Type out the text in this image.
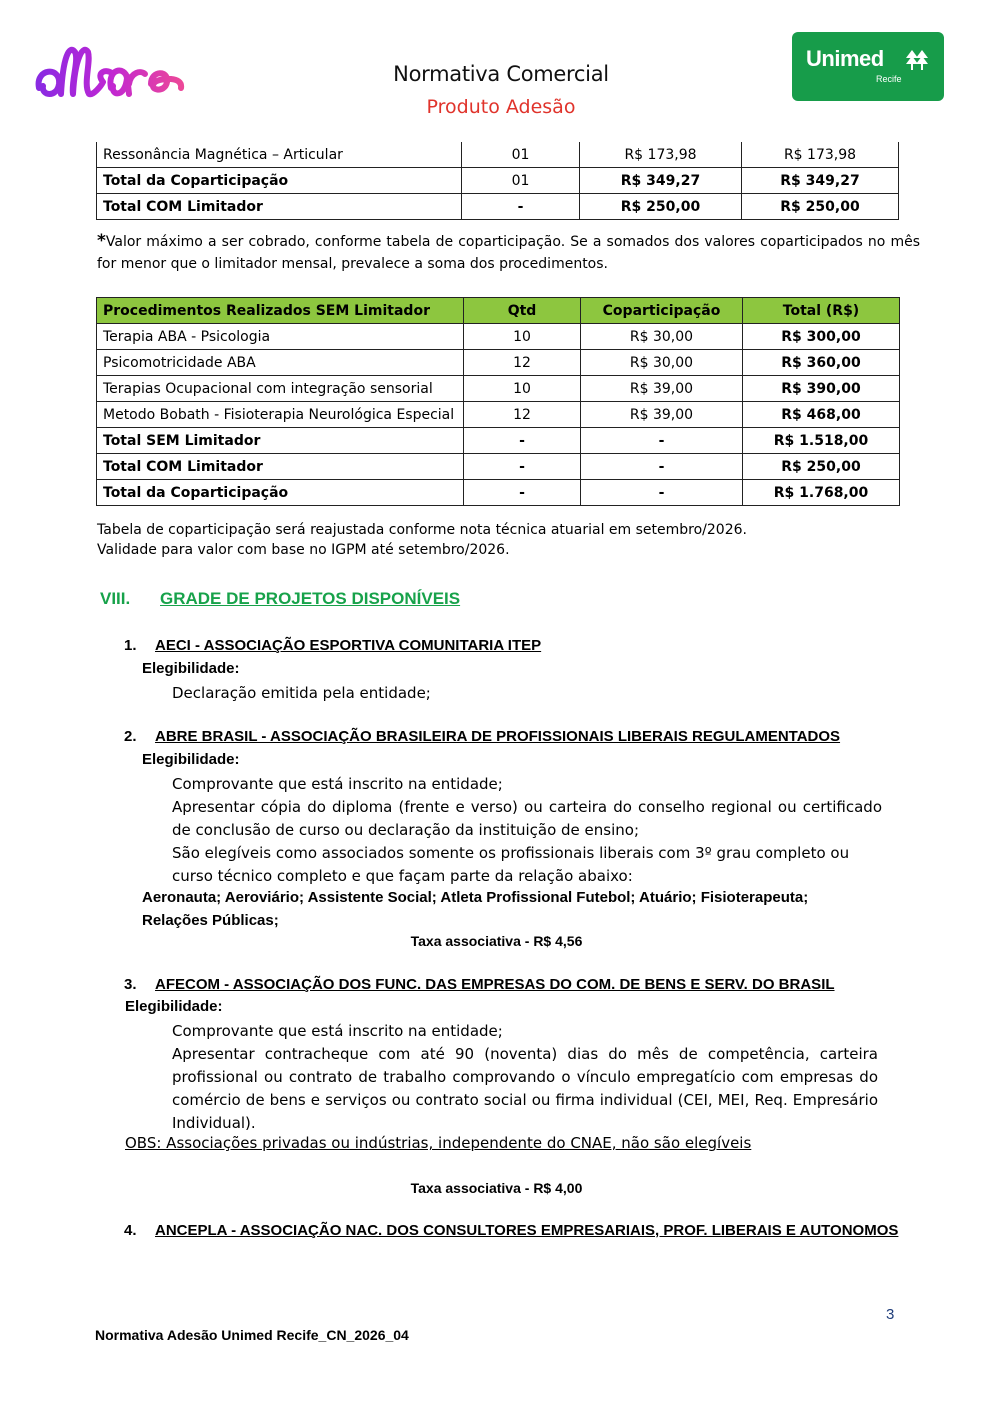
Normativa Comercial
Produto Adesão
Unimed
Recife
Ressonância Magnética – Articular	01	R$ 173,98	R$ 173,98
Total da Coparticipação	01	R$ 349,27	R$ 349,27
Total COM Limitador	-	R$ 250,00	R$ 250,00
*Valor máximo a ser cobrado, conforme tabela de coparticipação. Se a somados dos valores coparticipados no mês for menor que o limitador mensal, prevalece a soma dos procedimentos.
Procedimentos Realizados SEM Limitador	Qtd	Coparticipação	Total (R$)
Terapia ABA - Psicologia	10	R$ 30,00	R$ 300,00
Psicomotricidade ABA	12	R$ 30,00	R$ 360,00
Terapias Ocupacional com integração sensorial	10	R$ 39,00	R$ 390,00
Metodo Bobath - Fisioterapia Neurológica Especial	12	R$ 39,00	R$ 468,00
Total SEM Limitador	-	-	R$ 1.518,00
Total COM Limitador	-	-	R$ 250,00
Total da Coparticipação	-	-	R$ 1.768,00
Tabela de coparticipação será reajustada conforme nota técnica atuarial em setembro/2026.
Validade para valor com base no IGPM até setembro/2026.
VIII. GRADE DE PROJETOS DISPONÍVEIS
1. AECI - ASSOCIAÇÃO ESPORTIVA COMUNITARIA ITEP
Elegibilidade:
Declaração emitida pela entidade;
2. ABRE BRASIL - ASSOCIAÇÃO BRASILEIRA DE PROFISSIONAIS LIBERAIS REGULAMENTADOS
Elegibilidade:
Comprovante que está inscrito na entidade;
Apresentar cópia do diploma (frente e verso) ou carteira do conselho regional ou certificado de conclusão de curso ou declaração da instituição de ensino;
São elegíveis como associados somente os profissionais liberais com 3º grau completo ou curso técnico completo e que façam parte da relação abaixo:
Aeronauta; Aeroviário; Assistente Social; Atleta Profissional Futebol; Atuário; Fisioterapeuta; Relações Públicas;
Taxa associativa - R$ 4,56
3. AFECOM - ASSOCIAÇÃO DOS FUNC. DAS EMPRESAS DO COM. DE BENS E SERV. DO BRASIL
Elegibilidade:
Comprovante que está inscrito na entidade;
Apresentar contracheque com até 90 (noventa) dias do mês de competência, carteira profissional ou contrato de trabalho comprovando o vínculo empregatício com empresas do comércio de bens e serviços ou contrato social ou firma individual (CEI, MEI, Req. Empresário Individual).
OBS: Associações privadas ou indústrias, independente do CNAE, não são elegíveis
Taxa associativa - R$ 4,00
4. ANCEPLA - ASSOCIAÇÃO NAC. DOS CONSULTORES EMPRESARIAIS, PROF. LIBERAIS E AUTONOMOS
3
Normativa Adesão Unimed Recife_CN_2026_04
